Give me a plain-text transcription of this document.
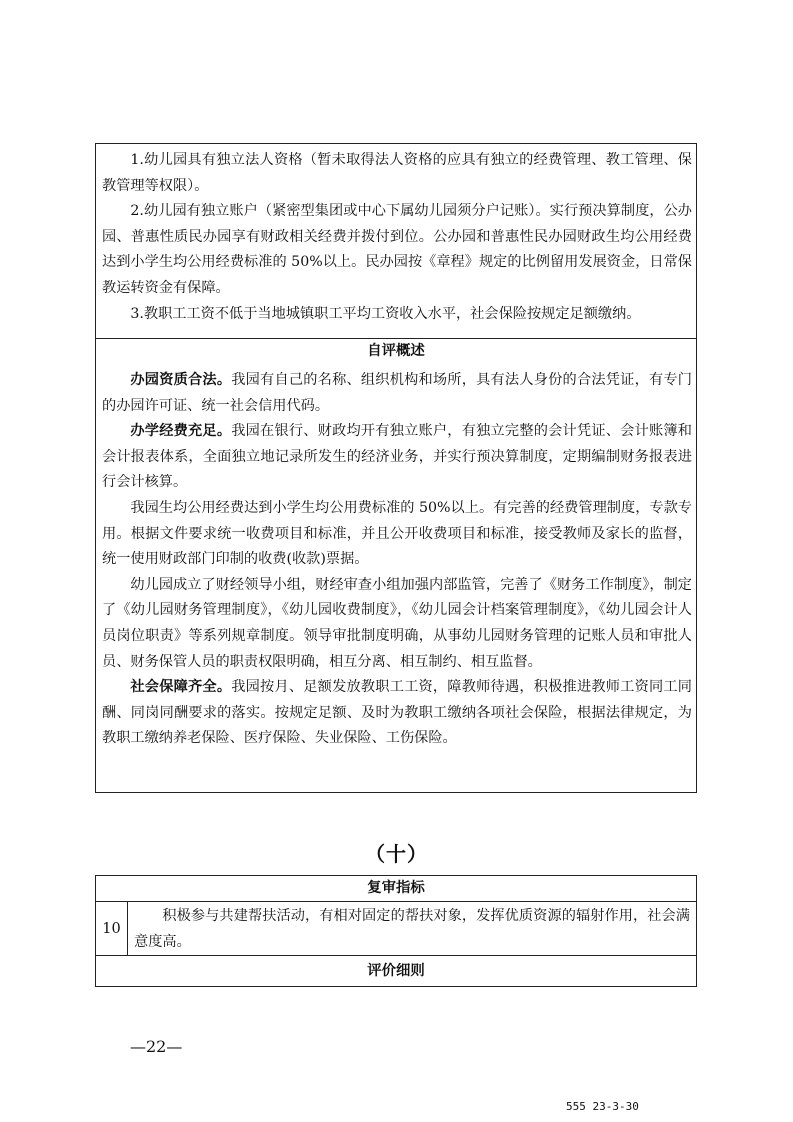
1.幼儿园具有独立法人资格（暂未取得法人资格的应具有独立的经费管理、教工管理、保教管理等权限）。

2.幼儿园有独立账户（紧密型集团或中心下属幼儿园须分户记账）。实行预决算制度，公办园、普惠性质民办园享有财政相关经费并拨付到位。公办园和普惠性民办园财政生均公用经费达到小学生均公用经费标准的 50%以上。民办园按《章程》规定的比例留用发展资金，日常保教运转资金有保障。

3.教职工工资不低于当地城镇职工平均工资收入水平，社会保险按规定足额缴纳。

自评概述

办园资质合法。我园有自己的名称、组织机构和场所，具有法人身份的合法凭证，有专门的办园许可证、统一社会信用代码。

办学经费充足。我园在银行、财政均开有独立账户，有独立完整的会计凭证、会计账簿和会计报表体系，全面独立地记录所发生的经济业务，并实行预决算制度，定期编制财务报表进行会计核算。

我园生均公用经费达到小学生均公用费标准的 50%以上。有完善的经费管理制度，专款专用。根据文件要求统一收费项目和标准，并且公开收费项目和标准，接受教师及家长的监督，统一使用财政部门印制的收费(收款)票据。

幼儿园成立了财经领导小组，财经审查小组加强内部监管，完善了《财务工作制度》，制定了《幼儿园财务管理制度》，《幼儿园收费制度》，《幼儿园会计档案管理制度》，《幼儿园会计人员岗位职责》等系列规章制度。领导审批制度明确，从事幼儿园财务管理的记账人员和审批人员、财务保管人员的职责权限明确，相互分离、相互制约、相互监督。

社会保障齐全。我园按月、足额发放教职工工资，障教师待遇，积极推进教师工资同工同酬、同岗同酬要求的落实。按规定足额、及时为教职工缴纳各项社会保险，根据法律规定，为教职工缴纳养老保险、医疗保险、失业保险、工伤保险。

（十）
复审指标
10

积极参与共建帮扶活动，有相对固定的帮扶对象，发挥优质资源的辐射作用，社会满意度高。

评价细则
—22—
555 23-3-30
